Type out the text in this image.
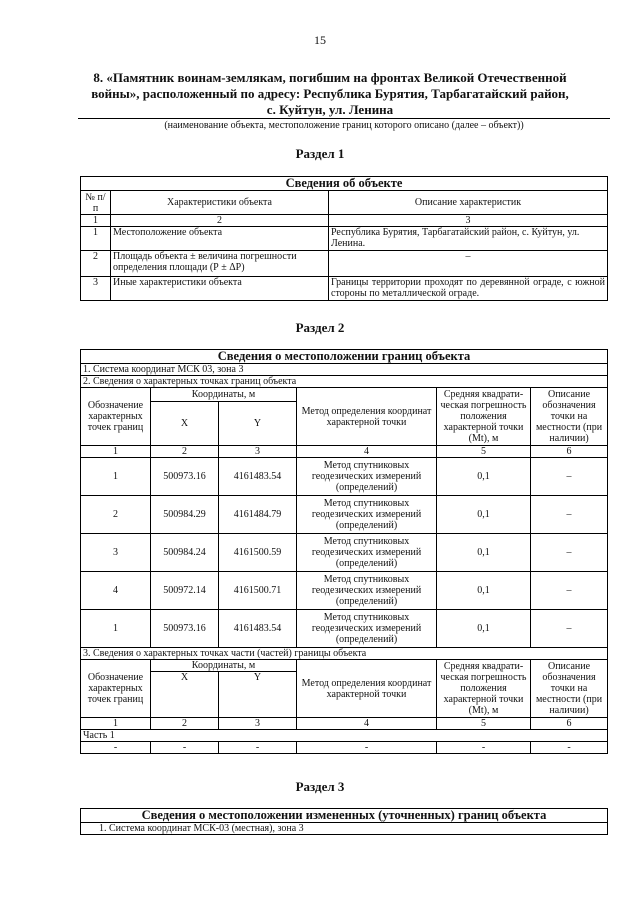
15
8. «Памятник воинам-землякам, погибшим на фронтах Великой Отечественной войны», расположенный по адресу: Республика Бурятия, Тарбагатайский район, с. Куйтун, ул. Ленина
(наименование объекта, местоположение границ которого описано (далее – объект))
Раздел 1
Сведения об объекте		
№ п/п	Характеристики объекта	Описание характеристик
1	2	3
1	Местоположение объекта	Республика Бурятия, Тарбагатайский район, с. Куйтун, ул. Ленина.
2	Площадь объекта ± величина погрешности определения площади (Р ± ΔР)	–
3	Иные характеристики объекта	Границы территории проходят по деревянной ограде, с южной стороны по металлической ограде.
Раздел 2
Сведения о местоположении границ объекта					
1. Система координат МСК 03, зона 3					
2. Сведения о характерных точках границ объекта					
Обозначение характерных точек границ	Координаты, м		Метод определения координат характерной точки	Средняя квадрати-ческая погрешность положения характерной точки (Mt), м	Описание обозначения точки на местности (при наличии)
	X	Y			
1	2	3	4	5	6
1	500973.16	4161483.54	Метод спутниковых геодезических измерений (определений)	0,1	–
2	500984.29	4161484.79	Метод спутниковых геодезических измерений (определений)	0,1	–
3	500984.24	4161500.59	Метод спутниковых геодезических измерений (определений)	0,1	–
4	500972.14	4161500.71	Метод спутниковых геодезических измерений (определений)	0,1	–
1	500973.16	4161483.54	Метод спутниковых геодезических измерений (определений)	0,1	–
3. Сведения о характерных точках части (частей) границы объекта					
Обозначение характерных точек границ	Координаты, м		Метод определения координат характерной точки	Средняя квадрати-ческая погрешность положения характерной точки (Mt), м	Описание обозначения точки на местности (при наличии)
	X	Y			
1	2	3	4	5	6
Часть 1					
-	-	-	-	-	-
Раздел 3
Сведения о местоположении измененных (уточненных) границ объекта
1. Система координат МСК-03 (местная), зона 3
